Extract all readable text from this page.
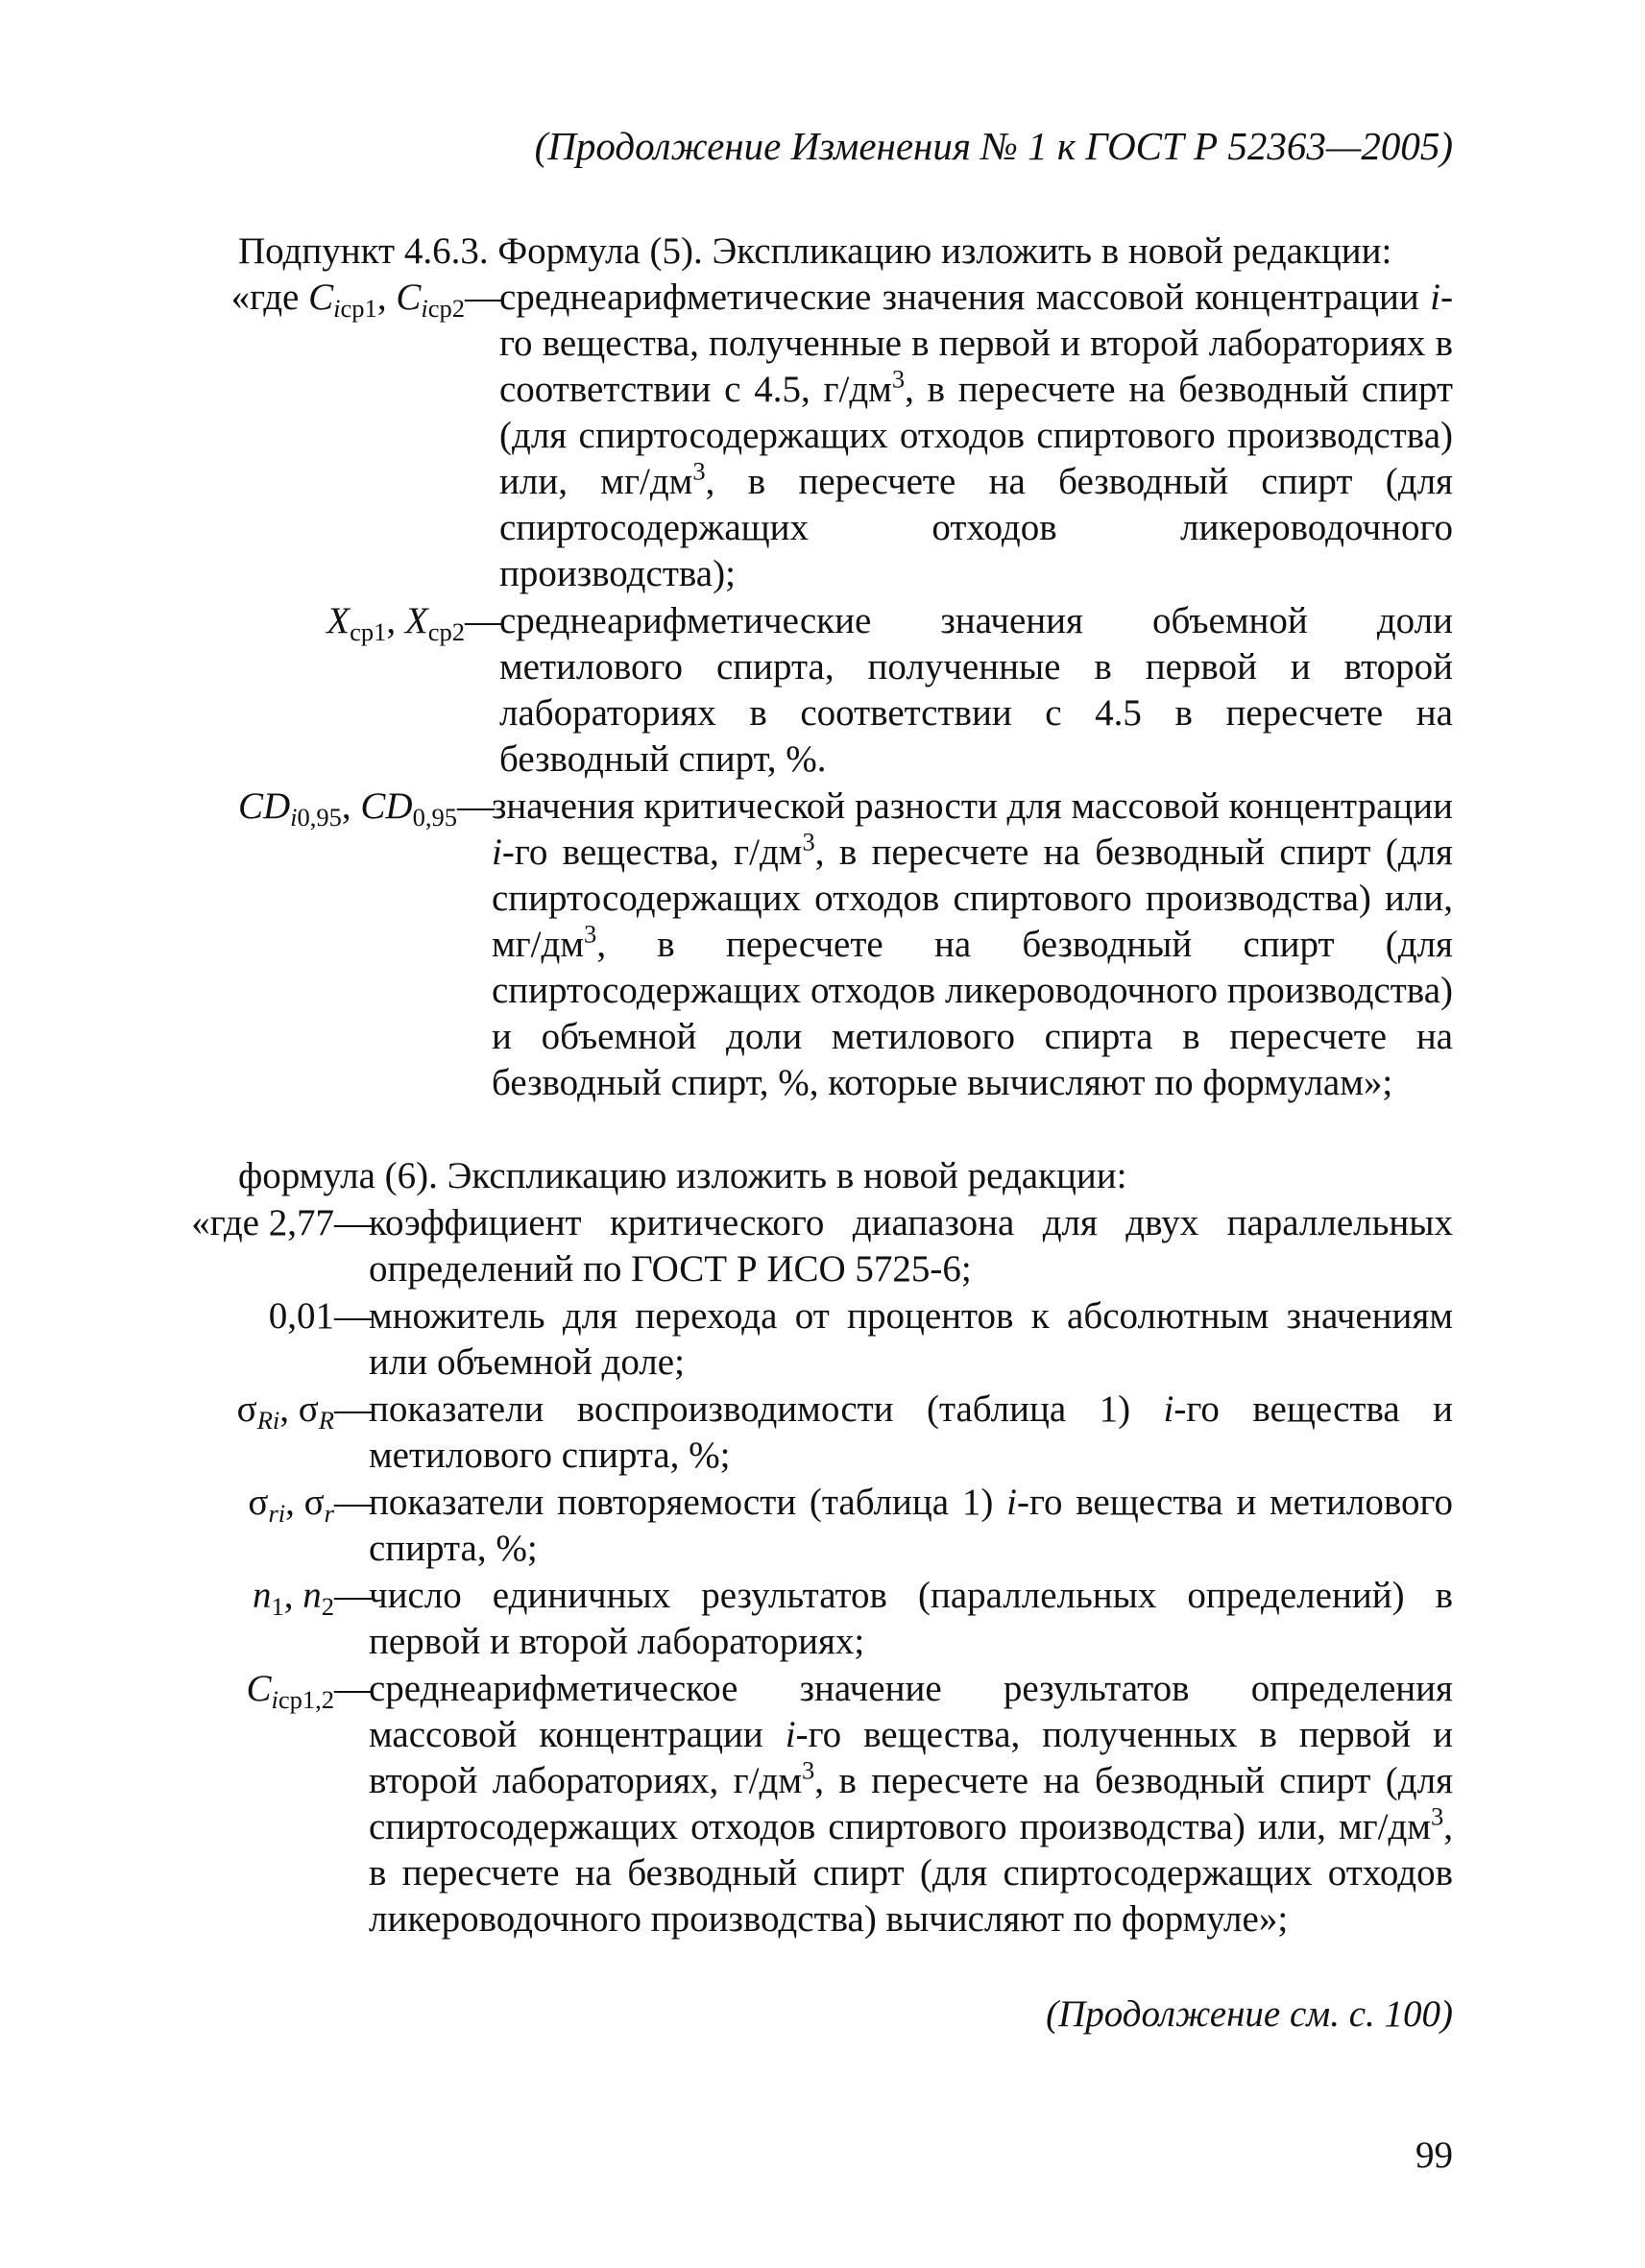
(Продолжение Изменения № 1 к ГОСТ Р 52363—2005)
Подпункт 4.6.3. Формула (5). Экспликацию изложить в новой редакции:
«где $C_{iср1}$, $C_{iср2}$ —
среднеарифметические значения массовой концентрации i-го вещества, полученные в первой и второй лабораториях в соответствии с 4.5, $г/дм^3$, в пересчете на безводный спирт (для спиртосодержащих отходов спиртового производства) или, $мг/дм^3$, в пересчете на безводный спирт (для спиртосодержащих отходов ликероводочного производства);
$X_{ср1}$, $X_{ср2}$ —
среднеарифметические значения объемной доли метилового спирта, полученные в первой и второй лабораториях в соответствии с 4.5 в пересчете на безводный спирт, %.
$CD_{i0,95}$, $CD_{0,95}$ —
значения критической разности для массовой концентрации i-го вещества, $г/дм^3$, в пересчете на безводный спирт (для спиртосодержащих отходов спиртового производства) или, $мг/дм^3$, в пересчете на безводный спирт (для спиртосодержащих отходов ликероводочного производства) и объемной доли метилового спирта в пересчете на безводный спирт, %, которые вычисляют по формулам»;
формула (6). Экспликацию изложить в новой редакции:
«где 2,77 —
коэффициент критического диапазона для двух параллельных определений по ГОСТ Р ИСО 5725-6;
0,01 —
множитель для перехода от процентов к абсолютным значениям или объемной доле;
$\sigma_{Ri}$, $\sigma_R$ —
показатели воспроизводимости (таблица 1) i-го вещества и метилового спирта, %;
$\sigma_{ri}$, $\sigma_r$ —
показатели повторяемости (таблица 1) i-го вещества и метилового спирта, %;
$n_1$, $n_2$ —
число единичных результатов (параллельных определений) в первой и второй лабораториях;
$C_{iср1,2}$ —
среднеарифметическое значение результатов определения массовой концентрации i-го вещества, полученных в первой и второй лабораториях, $г/дм^3$, в пересчете на безводный спирт (для спиртосодержащих отходов спиртового производства) или, $мг/дм^3$, в пересчете на безводный спирт (для спиртосодержащих отходов ликероводочного производства) вычисляют по формуле»;
(Продолжение см. с. 100)
99
